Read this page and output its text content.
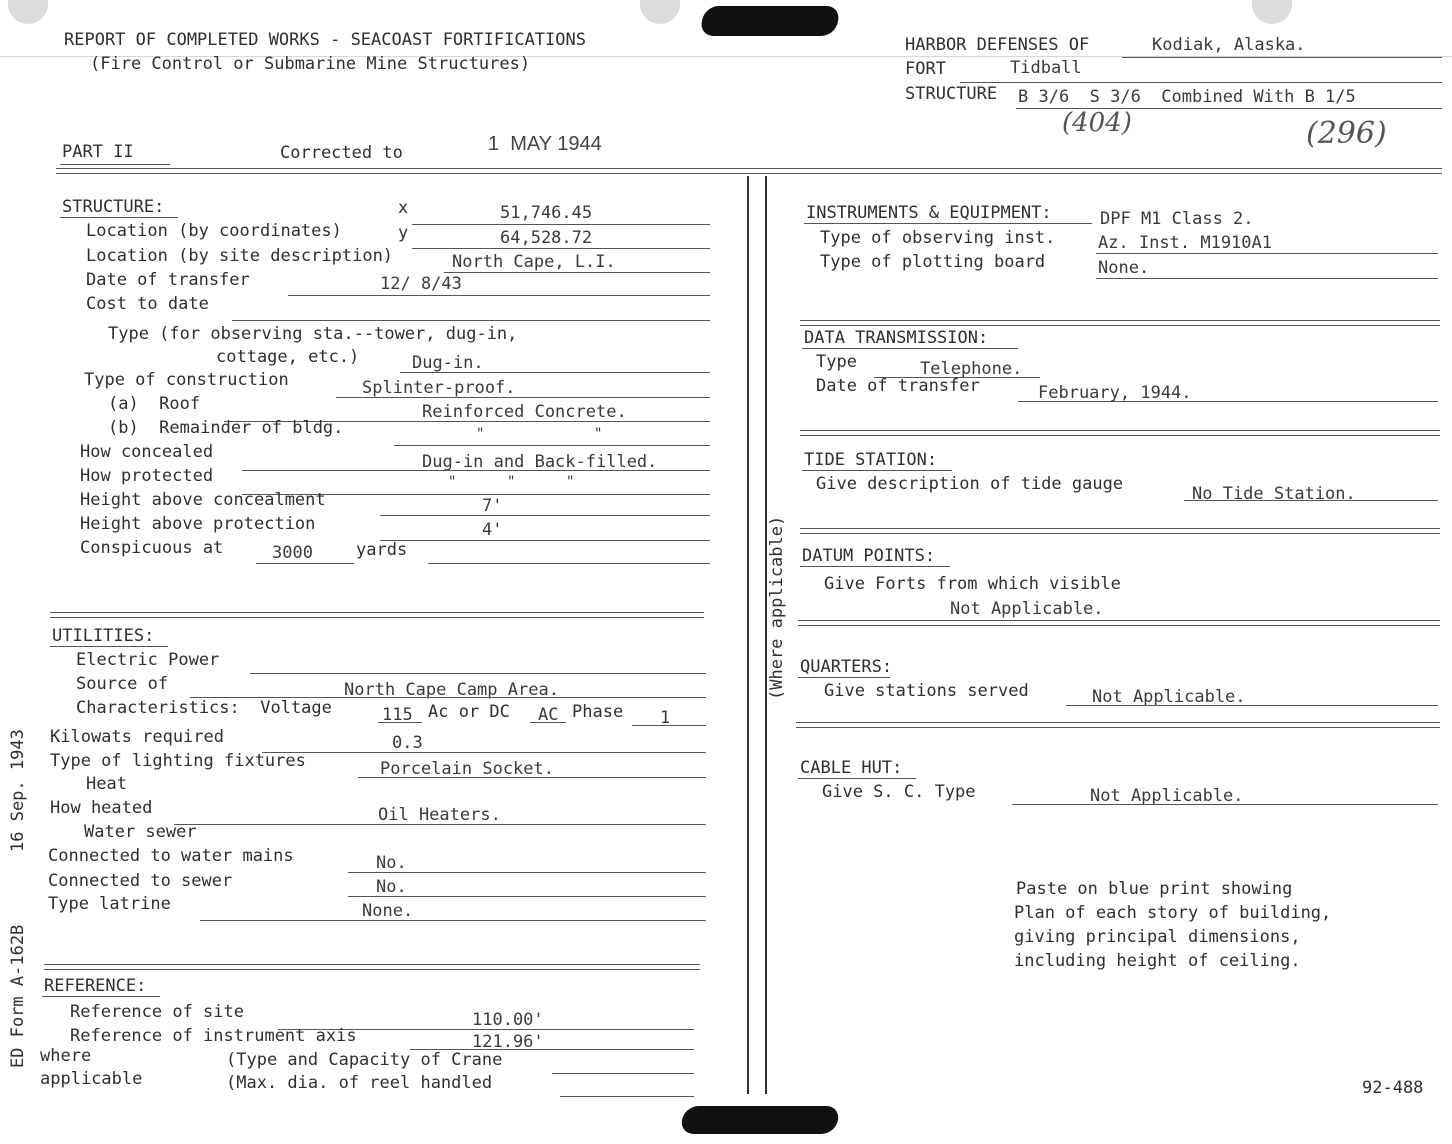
REPORT OF COMPLETED WORKS - SEACOAST FORTIFICATIONS
(Fire Control or Submarine Mine Structures)
HARBOR DEFENSES OF	Kodiak, Alaska.
FORT	Tidball
STRUCTURE B 3/6  S 3/6  Combined With B 1/5
(404)	(296)
PART II	Corrected to	1  MAY 1944
(Where applicable)
STRUCTURE:	x	51,746.45
Location (by coordinates)	y	64,528.72
Location (by site description)	North Cape, L.I.
Date of transfer	12/ 8/43
Cost to date
Type (for observing sta.--tower, dug-in,
cottage, etc.)	Dug-in.
Type of construction	Splinter-proof.
(a)  Roof	Reinforced Concrete.
(b)  Remainder of bldg.	"             "
How concealed	Dug-in and Back-filled.
How protected	"      "      "
Height above concealment	7'
Height above protection	4'
Conspicuous at	3000	yards
UTILITIES:
Electric Power
Source of	North Cape Camp Area.
Characteristics:  Voltage	115 Ac or DC AC Phase 1
Kilowats required	0.3
Type of lighting fixtures	Porcelain Socket.
Heat
How heated	Oil Heaters.
Water sewer
Connected to water mains	No.
Connected to sewer	No.
Type latrine	None.
REFERENCE:
Reference of site	110.00'
Reference of instrument axis	121.96'
where
applicable
(Type and Capacity of Crane
(Max. dia. of reel handled
INSTRUMENTS & EQUIPMENT:	DPF M1 Class 2.
Type of observing inst.	Az. Inst. M1910A1
Type of plotting board	None.
DATA TRANSMISSION:
Type	Telephone.
Date of transfer	February, 1944.
TIDE STATION:
Give description of tide gauge	No Tide Station.
DATUM POINTS:
Give Forts from which visible
Not Applicable.
QUARTERS:
Give stations served	Not Applicable.
CABLE HUT:
Give S. C. Type	Not Applicable.
Paste on blue print showing
Plan of each story of building,
giving principal dimensions,
including height of ceiling.
92-488
ED Form A-162B
16 Sep. 1943
